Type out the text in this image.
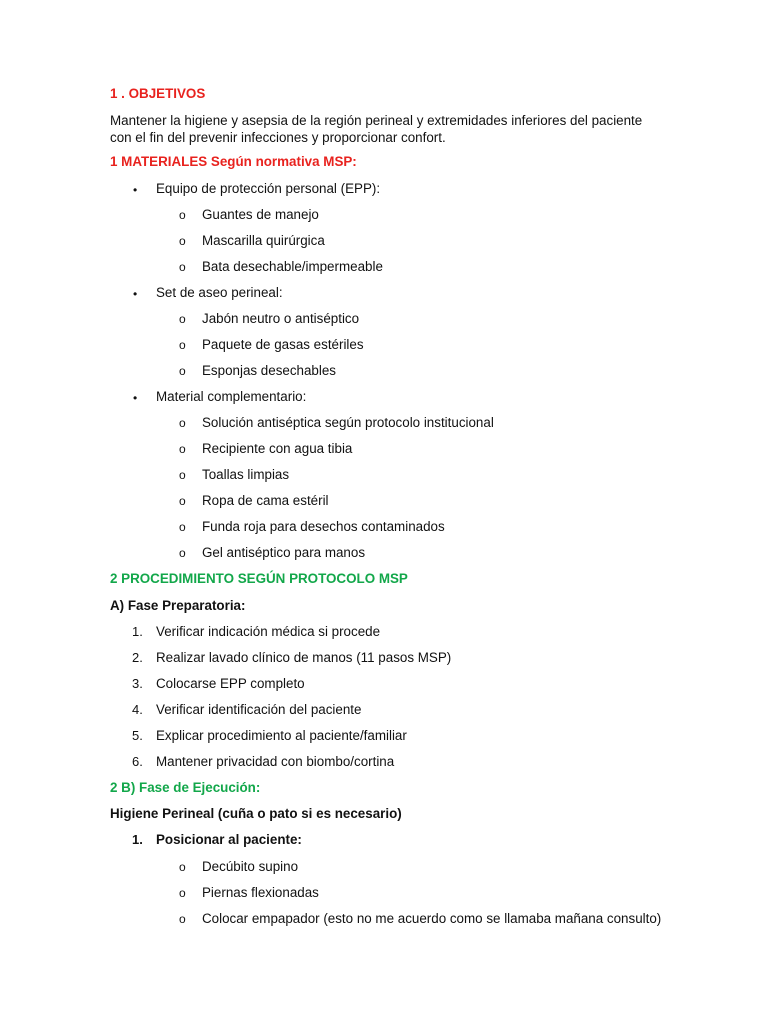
1 . OBJETIVOS
Mantener la higiene y asepsia de la región perineal y extremidades inferiores del paciente con el fin del prevenir infecciones y proporcionar confort.
1 MATERIALES Según normativa MSP:
• Equipo de protección personal (EPP):
o Guantes de manejo
o Mascarilla quirúrgica
o Bata desechable/impermeable
• Set de aseo perineal:
o Jabón neutro o antiséptico
o Paquete de gasas estériles
o Esponjas desechables
• Material complementario:
o Solución antiséptica según protocolo institucional
o Recipiente con agua tibia
o Toallas limpias
o Ropa de cama estéril
o Funda roja para desechos contaminados
o Gel antiséptico para manos
2 PROCEDIMIENTO SEGÚN PROTOCOLO MSP
A) Fase Preparatoria:
1. Verificar indicación médica si procede
2. Realizar lavado clínico de manos (11 pasos MSP)
3. Colocarse EPP completo
4. Verificar identificación del paciente
5. Explicar procedimiento al paciente/familiar
6. Mantener privacidad con biombo/cortina
2 B) Fase de Ejecución:
Higiene Perineal (cuña o pato si es necesario)
1. Posicionar al paciente:
o Decúbito supino
o Piernas flexionadas
o Colocar empapador (esto no me acuerdo como se llamaba mañana consulto)
